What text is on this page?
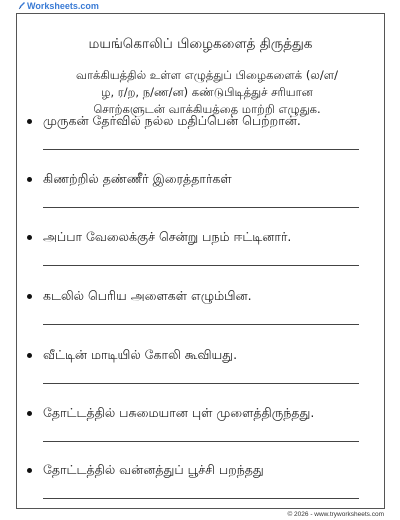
Worksheets.com
மயங்கொலிப் பிழைகளைத் திருத்துக
வாக்கியத்தில் உள்ள எழுத்துப் பிழைகளைக் (ல/ள/
ழ, ர/ற, ந/ண/ன) கண்டுபிடித்துச் சரியான
சொற்களுடன் வாக்கியத்தை மாற்றி எழுதுக.
முருகன் தேர்வில் நல்ல மதிப்பென் பெற்றான்.
கிணற்றில் தண்ணீர் இரைத்தார்கள்
அப்பா வேலைக்குச் சென்று பநம் ஈட்டினார்.
கடலில் பெரிய அளைகள் எழும்பின.
வீட்டின் மாடியில் கோலி கூவியது.
தோட்டத்தில் பசுமையான புள் முளைத்திருந்தது.
தோட்டத்தில் வன்னத்துப் பூச்சி பறந்தது
© 2026 - www.tryworksheets.com
